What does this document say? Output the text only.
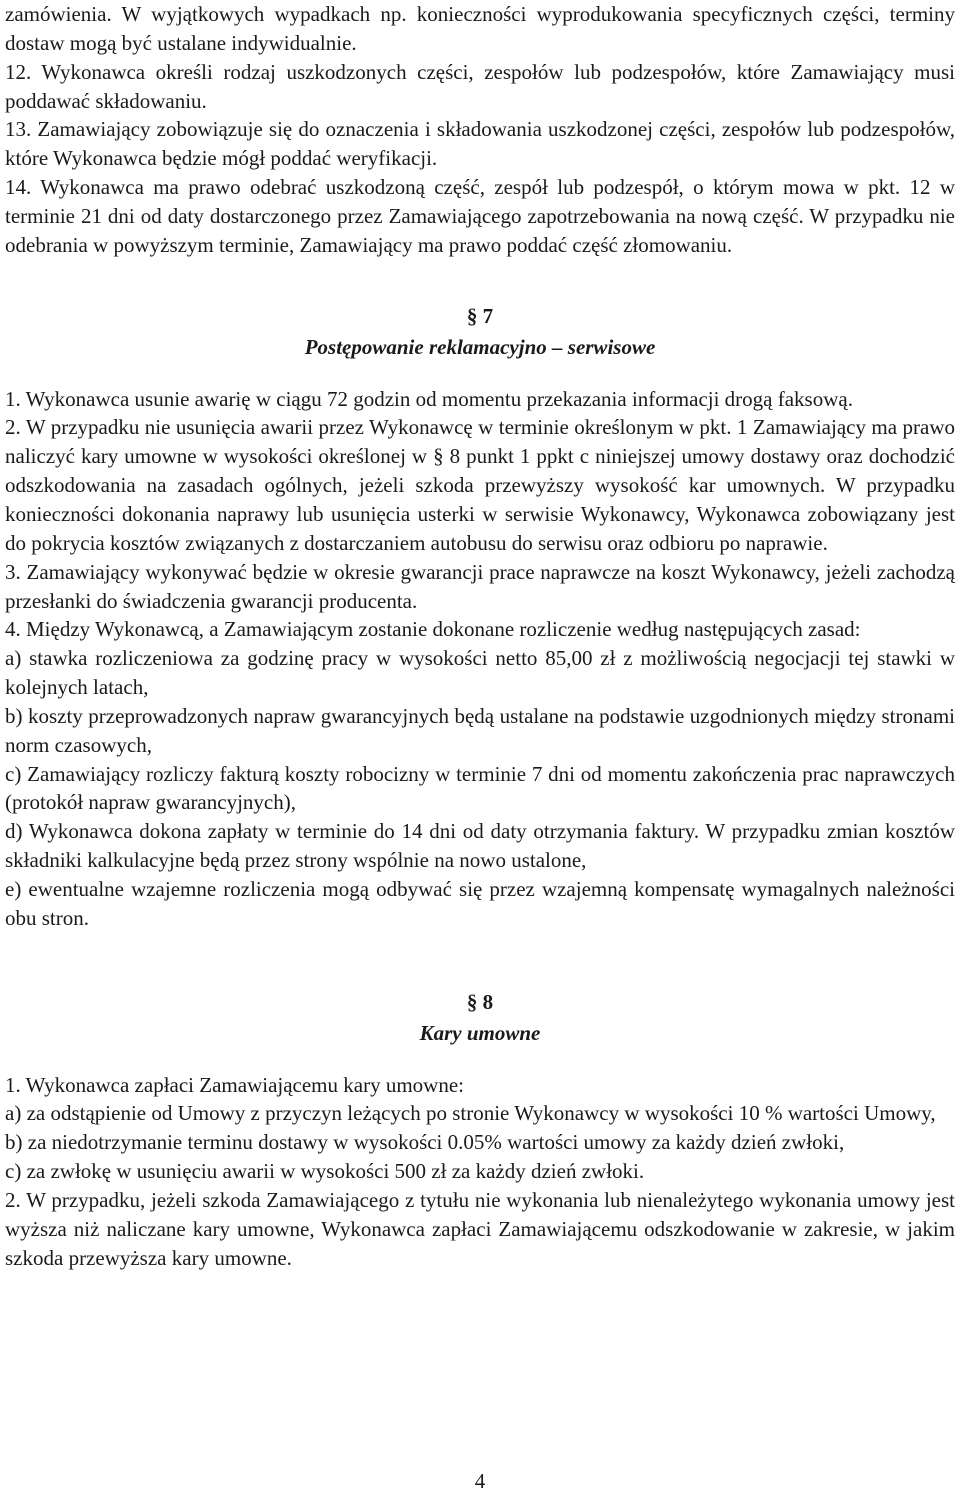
zamówienia. W wyjątkowych wypadkach np. konieczności wyprodukowania specyficznych części, terminy dostaw mogą być ustalane indywidualnie.

12. Wykonawca określi rodzaj uszkodzonych części, zespołów lub podzespołów, które Zamawiający musi poddawać składowaniu.

13. Zamawiający zobowiązuje się do oznaczenia i składowania uszkodzonej części, zespołów lub podzespołów, które Wykonawca będzie mógł poddać weryfikacji.

14. Wykonawca ma prawo odebrać uszkodzoną część, zespół lub podzespół, o którym mowa w pkt. 12 w terminie 21 dni od daty dostarczonego przez Zamawiającego zapotrzebowania na nową część. W przypadku nie odebrania w powyższym terminie, Zamawiający ma prawo poddać część złomowaniu.

§ 7
Postępowanie reklamacyjno – serwisowe

1. Wykonawca usunie awarię w ciągu 72 godzin od momentu przekazania informacji drogą faksową.

2. W przypadku nie usunięcia awarii przez Wykonawcę w terminie określonym w pkt. 1 Zamawiający ma prawo naliczyć kary umowne w wysokości określonej w § 8 punkt 1 ppkt c niniejszej umowy dostawy oraz dochodzić odszkodowania na zasadach ogólnych, jeżeli szkoda przewyższy wysokość kar umownych. W przypadku konieczności dokonania naprawy lub usunięcia usterki w serwisie Wykonawcy, Wykonawca zobowiązany jest do pokrycia kosztów związanych z dostarczaniem autobusu do serwisu oraz odbioru po naprawie.

3. Zamawiający wykonywać będzie w okresie gwarancji prace naprawcze na koszt Wykonawcy, jeżeli zachodzą przesłanki do świadczenia gwarancji producenta.

4. Między Wykonawcą, a Zamawiającym zostanie dokonane rozliczenie według następujących zasad:

a) stawka rozliczeniowa za godzinę pracy w wysokości netto 85,00 zł z możliwością negocjacji tej stawki w kolejnych latach,

b) koszty przeprowadzonych napraw gwarancyjnych będą ustalane na podstawie uzgodnionych między stronami norm czasowych,

c) Zamawiający rozliczy fakturą koszty robocizny w terminie 7 dni od momentu zakończenia prac naprawczych (protokół napraw gwarancyjnych),

d) Wykonawca dokona zapłaty w terminie do 14 dni od daty otrzymania faktury. W przypadku zmian kosztów składniki kalkulacyjne będą przez strony wspólnie na nowo ustalone,

e) ewentualne wzajemne rozliczenia mogą odbywać się przez wzajemną kompensatę wymagalnych należności obu stron.

§ 8
Kary umowne

1. Wykonawca zapłaci Zamawiającemu kary umowne:

a) za odstąpienie od Umowy z przyczyn leżących po stronie Wykonawcy w wysokości 10 % wartości Umowy,

b) za niedotrzymanie terminu dostawy w wysokości 0.05% wartości umowy za każdy dzień zwłoki,

c) za zwłokę w usunięciu awarii w wysokości 500 zł za każdy dzień zwłoki.

2. W przypadku, jeżeli szkoda Zamawiającego z tytułu nie wykonania lub nienależytego wykonania umowy jest wyższa niż naliczane kary umowne, Wykonawca zapłaci Zamawiającemu odszkodowanie w zakresie, w jakim szkoda przewyższa kary umowne.

4
